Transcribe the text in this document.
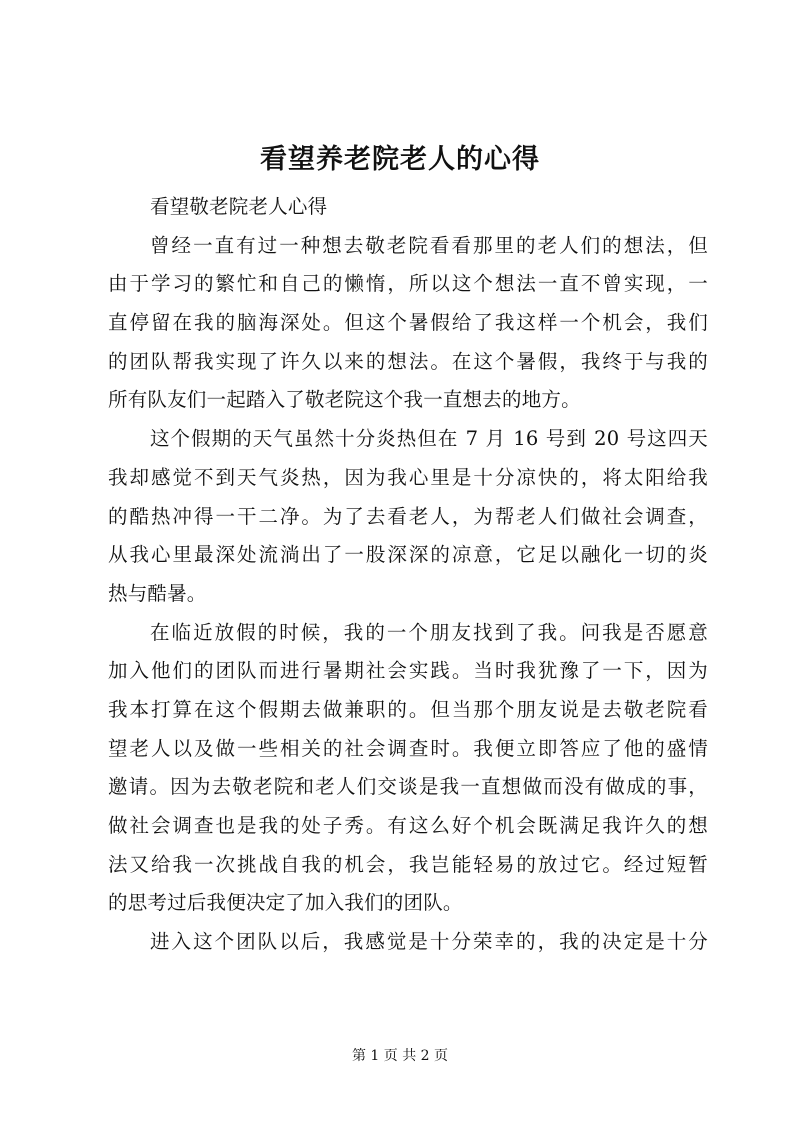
看望养老院老人的心得
看望敬老院老人心得
曾经一直有过一种想去敬老院看看那里的老人们的想法，但
由于学习的繁忙和自己的懒惰，所以这个想法一直不曾实现，一
直停留在我的脑海深处。但这个暑假给了我这样一个机会，我们
的团队帮我实现了许久以来的想法。在这个暑假，我终于与我的
所有队友们一起踏入了敬老院这个我一直想去的地方。
这个假期的天气虽然十分炎热但在 7 月 16 号到 20 号这四天
我却感觉不到天气炎热，因为我心里是十分凉快的，将太阳给我
的酷热冲得一干二净。为了去看老人，为帮老人们做社会调查，
从我心里最深处流淌出了一股深深的凉意，它足以融化一切的炎
热与酷暑。
在临近放假的时候，我的一个朋友找到了我。问我是否愿意
加入他们的团队而进行暑期社会实践。当时我犹豫了一下，因为
我本打算在这个假期去做兼职的。但当那个朋友说是去敬老院看
望老人以及做一些相关的社会调查时。我便立即答应了他的盛情
邀请。因为去敬老院和老人们交谈是我一直想做而没有做成的事，
做社会调查也是我的处子秀。有这么好个机会既满足我许久的想
法又给我一次挑战自我的机会，我岂能轻易的放过它。经过短暂
的思考过后我便决定了加入我们的团队。
进入这个团队以后，我感觉是十分荣幸的，我的决定是十分
第 1 页 共 2 页
